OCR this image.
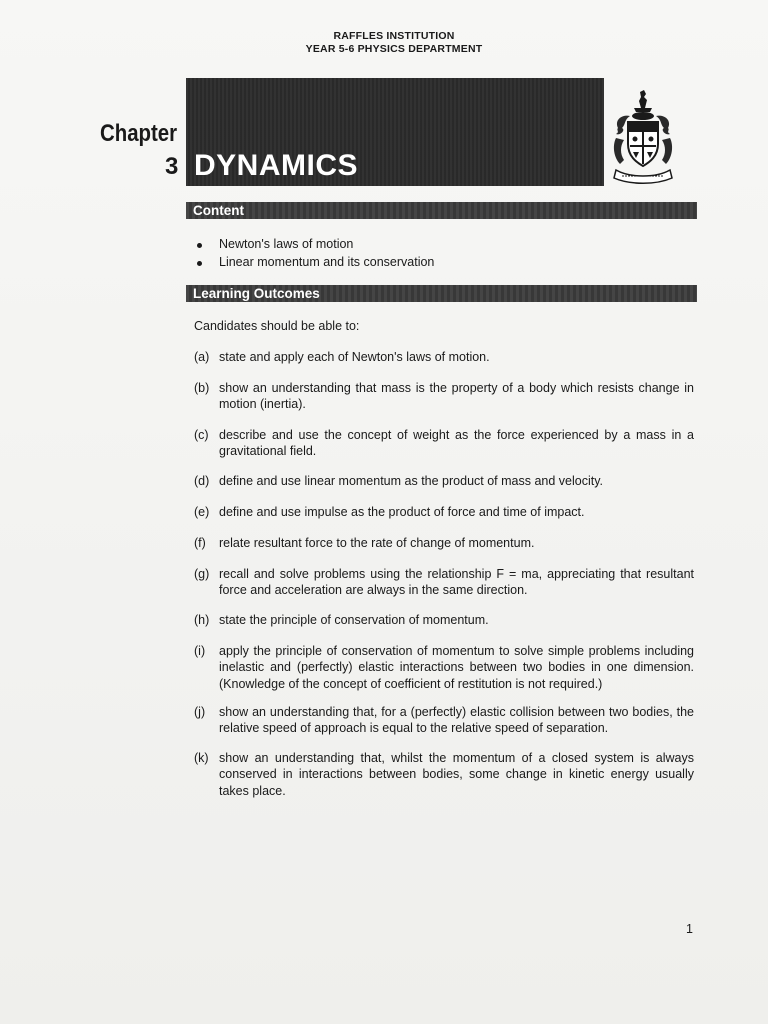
RAFFLES INSTITUTION
YEAR 5-6 PHYSICS DEPARTMENT
Chapter
3 DYNAMICS
Content
Newton's laws of motion
Linear momentum and its conservation
Learning Outcomes
Candidates should be able to:
(a) state and apply each of Newton's laws of motion.
(b) show an understanding that mass is the property of a body which resists change in motion (inertia).
(c) describe and use the concept of weight as the force experienced by a mass in a gravitational field.
(d) define and use linear momentum as the product of mass and velocity.
(e) define and use impulse as the product of force and time of impact.
(f)	relate resultant force to the rate of change of momentum.
(g) recall and solve problems using the relationship F = ma, appreciating that resultant force and acceleration are always in the same direction.
(h) state the principle of conservation of momentum.
(i)	apply the principle of conservation of momentum to solve simple problems including inelastic and (perfectly) elastic interactions between two bodies in one dimension. (Knowledge of the concept of coefficient of restitution is not required.)
(j)	show an understanding that, for a (perfectly) elastic collision between two bodies, the relative speed of approach is equal to the relative speed of separation.
(k) show an understanding that, whilst the momentum of a closed system is always conserved in interactions between bodies, some change in kinetic energy usually takes place.
1
